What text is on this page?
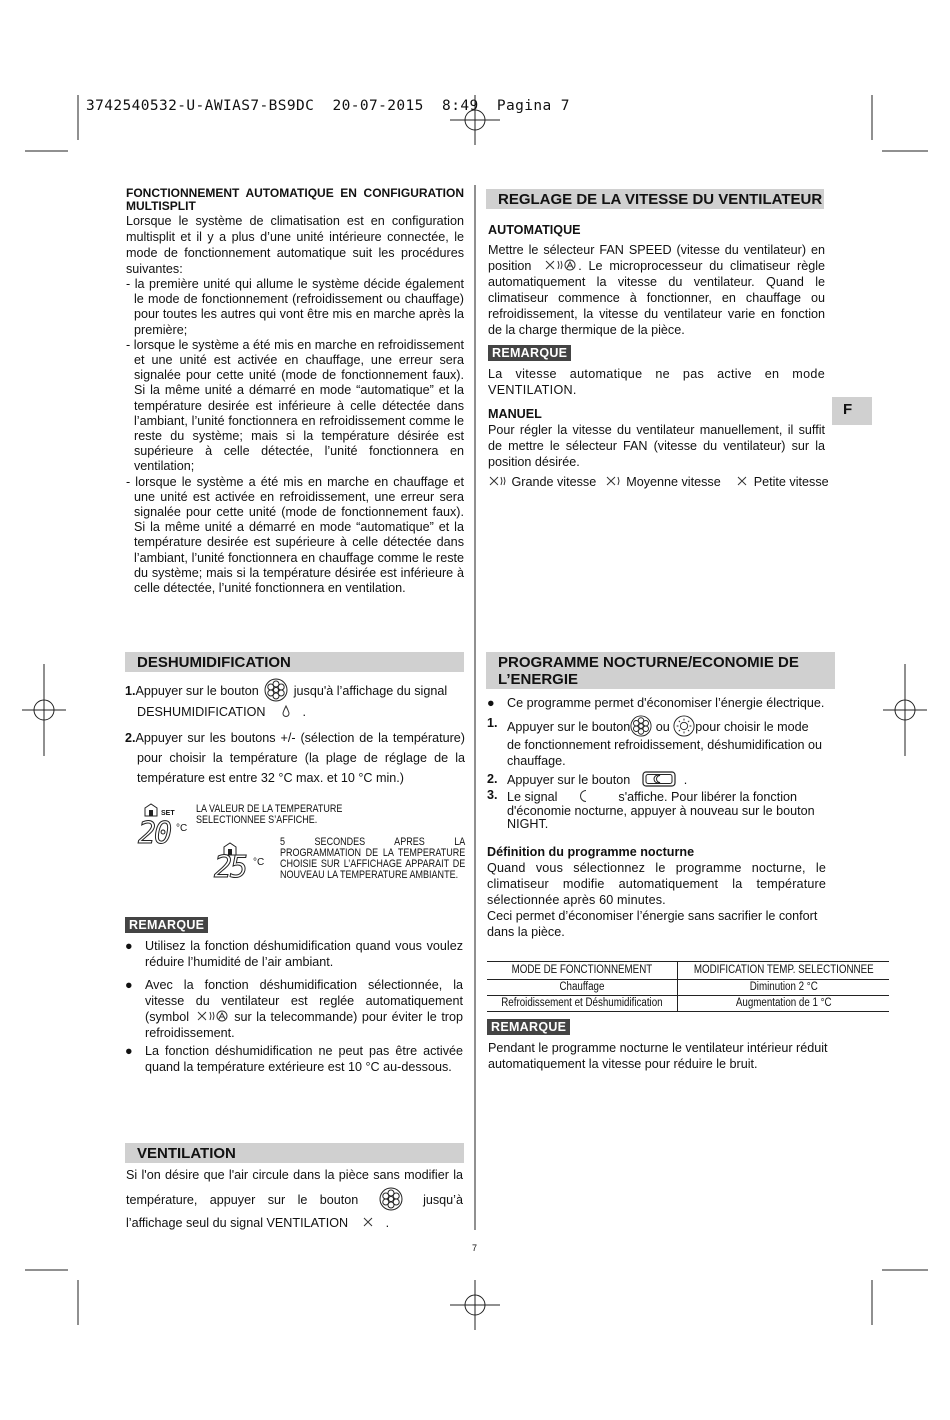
3742540532-U-AWIAS7-BS9DC  20-07-2015  8:49  Pagina 7
F
FONCTIONNEMENT AUTOMATIQUE EN CONFIGURATION MULTISPLIT
Lorsque le système de climatisation est en configuration multisplit et il y a plus d’une unité intérieure connectée, le mode de fonctionnement automatique suit les procédures suivantes:
- la première unité qui allume le système décide également le mode de fonctionnement (refroidissement ou chauffage) pour toutes les autres qui vont être mis en marche après la première;
- lorsque le système a été mis en marche en refroidissement et une unité est activée en chauffage, une erreur sera signalée pour cette unité (mode de fonctionnement faux). Si la même unité a démarré en mode “automatique” et la température desirée est inférieure à celle détectée dans l’ambiant, l’unité fonctionnera en refroidissement comme le reste du système; mais si la température désirée est supérieure à celle détectée, l’unité fonctionnera en ventilation;
- lorsque le système a été mis en marche en chauffage et une unité est activée en refroidissement, une erreur sera signalée pour cette unité (mode de fonctionnement faux). Si la même unité a démarré en mode “automatique” et la température desirée est supérieure à celle détectée dans l’ambiant, l’unité fonctionnera en chauffage comme le reste du système; mais si la température désirée est inférieure à celle détectée, l’unité fonctionnera en ventilation.
REGLAGE DE LA VITESSE DU VENTILATEUR
AUTOMATIQUE
Mettre le sélecteur FAN SPEED (vitesse du ventilateur) en position	. Le microprocesseur du climatiseur règle automatiquement la vitesse du ventilateur. Quand le climatiseur commence à fonctionner, en chauffage ou refroidissement, la vitesse du ventilateur varie en fonction de la charge thermique de la pièce.
REMARQUE
La vitesse automatique ne pas active en mode VENTILATION.
MANUEL
Pour régler la vitesse du ventilateur manuellement, il suffit de mettre le sélecteur FAN (vitesse du ventilateur) sur la position désirée.
Grande vitesse Moyenne vitesse	Petite vitesse
DESHUMIDIFICATION
1.Appuyer sur le bouton	jusqu'à l’affichage du signal
DESHUMIDIFICATION	.
2.Appuyer sur les boutons +/- (sélection de la température) pour choisir la température (la plage de réglage de la température est entre 32 °C max. et 10 °C min.)
SET
20 °C
LA VALEUR DE LA TEMPERATURE SELECTIONNEE S’AFFICHE.
25 °C
5 SECONDES APRES LA PROGRAMMATION DE LA TEMPERATURE CHOISIE SUR L’AFFICHAGE APPARAIT DE NOUVEAU LA TEMPERATURE AMBIANTE.
REMARQUE
● Utilisez la fonction déshumidification quand vous voulez réduire l’humidité de l’air ambiant.
● Avec la fonction déshumidification sélectionnée, la vitesse du ventilateur est reglée automatiquement (symbol	sur la telecommande) pour éviter le trop refroidissement.
● La fonction déshumidification ne peut pas être activée quand la température extérieure est 10 °C au-dessous.
VENTILATION
Si l'on désire que l'air circule dans la pièce sans modifier la température, appuyer sur le bouton	jusqu’à l’affichage seul du signal VENTILATION	.
PROGRAMME NOCTURNE/ECONOMIE DE L’ENERGIE
● Ce programme permet d'économiser l’énergie électrique.
1. Appuyer sur le bouton ou pour choisir le mode de fonctionnement refroidissement, déshumidification ou chauffage.
2. Appuyer sur le bouton	.
3. Le signal	s'affiche. Pour libérer la fonction d'économie nocturne, appuyer à nouveau sur le bouton NIGHT.
Définition du programme nocturne
Quand vous sélectionnez le programme nocturne, le climatiseur modifie automatiquement la température sélectionnée après 60 minutes.
Ceci permet d’économiser l’énergie sans sacrifier le confort dans la pièce.
MODE DE FONCTIONNEMENT	MODIFICATION TEMP. SELECTIONNEE

Chauffage	Diminution 2 °C

Refroidissement et Déshumidification	Augmentation de 1 °C
REMARQUE
Pendant le programme nocturne le ventilateur intérieur réduit automatiquement la vitesse pour réduire le bruit.
7
